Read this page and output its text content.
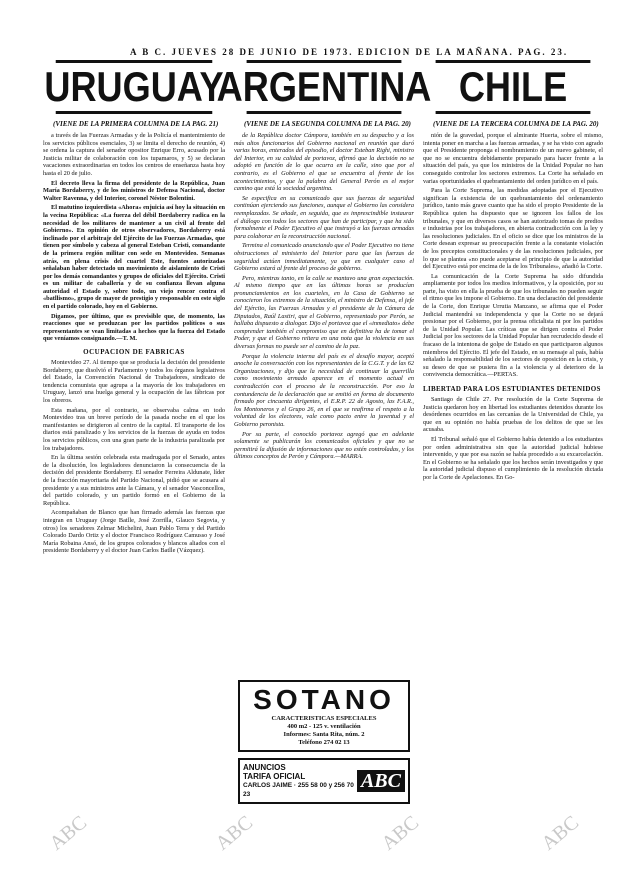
A B C. JUEVES 28 DE JUNIO DE 1973. EDICION DE LA MAÑANA. PAG. 23.
URUGUAY
(VIENE DE LA PRIMERA COLUMNA DE LA PAG. 21)

a través de las Fuerzas Armadas y de la Policía el mantenimiento de los servicios públicos esenciales, 3) se limita el derecho de reunión, 4) se ordena la captura del senador opositor Enrique Erro, acusado por la Justicia militar de colaboración con los tupamaros, y 5) se declaran vacaciones extraordinarias en todos los centros de enseñanza hasta hoy hasta el 20 de julio.

El decreto lleva la firma del presidente de la República, Juan María Bordaberry, y de los ministros de Defensa Nacional, doctor Walter Ravenna, y del Interior, coronel Néstor Bolentini.

El matutino izquierdista «Ahora» enjuicia así hoy la situación en la vecina República: «La fuerza del débil Bordaberry radica en la necesidad de los militares de mantener a un civil al frente del Gobierno». En opinión de otros observadores, Bordaberry está inclinado por el arbitraje del Ejército de las Fuerzas Armadas, que tienen por símbolo y cabeza al general Esteban Cristi, comandante de la primera región militar con sede en Montevideo. Semanas atrás, en plena crisis del cuartel Este, fuentes autorizadas señalaban haber detectado un movimiento de aislamiento de Cristi por los demás comandantes y grupos de oficiales del Ejército. Cristi es un militar de caballería y de su confianza llevan alguna autoridad el Estado y, sobre todo, un viejo rencor contra el «batllismo», grupo de mayor de prestigio y responsable en este siglo en el partido colorado, hoy en el Gobierno.

Digamos, por último, que es previsible que, de momento, las reacciones que se produzcan por los partidos políticos o sus representantes se vean limitadas a hechos que la fuerza del Estado que veníamos consignando.—T. M.

OCUPACION DE FABRICAS

Montevideo 27. Al tiempo que se producía la decisión del presidente Bordaberry, que disolvió el Parlamento y todos los órganos legislativos del Estado, la Convención Nacional de Trabajadores, sindicato de tendencia comunista que agrupa a la mayoría de los trabajadores en Uruguay, lanzó una huelga general y la ocupación de las fábricas por los obreros.

Esta mañana, por el contrario, se observaba calma en todo Montevideo tras un breve período de la pasada noche en el que los manifestantes se dirigieron al centro de la capital. El transporte de los diarios está paralizado y los servicios de la fuerzas de ayuda en todos los servicios públicos, con una gran parte de la industria paralizada por los trabajadores.

En la última sesión celebrada esta madrugada por el Senado, antes de la disolución, los legisladores denunciaron la consecuencia de la decisión del presidente Bordaberry. El senador Ferreira Aldunate, líder de la fracción mayoritaria del Partido Nacional, pidió que se acusara al presidente y a sus ministros ante la Cámara, y el senador Vasconcellos, del partido colorado, y un partido formó en el Gobierno de la República.

Acompañaban de Blanco que han firmado además las fuerzas que integran en Uruguay (Jorge Batlle, José Zorrilla, Glauco Segovia, y otros) los senadores Zelmar Michelini, Juan Pablo Terra y del Partido Colorado Dardo Ortiz y el doctor Francisco Rodríguez Camusso y José María Robaina Ansó, de los grupos colorados y blancos aliados con el presidente Bordaberry y el doctor Juan Carlos Batlle (Vázquez).

ARGENTINA
(VIENE DE LA SEGUNDA COLUMNA DE LA PAG. 20)

de la República doctor Cámpora, también en su despacho y a los más altos funcionarios del Gobierno nacional en reunión que duró varias horas, enterados del episodio, el doctor Esteban Righi, ministro del Interior, en su calidad de portavoz, afirmó que la decisión no se adoptó en función de lo que ocurra en la calle, sino que por el contrario, es el Gobierno el que se encuentra al frente de los acontecimientos, y que la palabra del General Perón es el mejor camino que está la sociedad argentina.

Se especifica en su comunicado que sus fuerzas de seguridad continúan ejerciendo sus funciones, aunque el Gobierno las considera reemplazadas. Se añade, en seguida, que es imprescindible instaurar el diálogo con todos los sectores que han de participar, y que ha sido formalmente el Poder Ejecutivo el que instruyó a las fuerzas armadas para colaborar en la reconstrucción nacional.

Termina el comunicado anunciando que el Poder Ejecutivo no tiene obstrucciones al ministerio del Interior para que las fuerzas de seguridad actúen inmediatamente, ya que en cualquier caso el Gobierno estará al frente del proceso de gobierno.

Pero, mientras tanto, en la calle se mantuvo una gran expectación. Al mismo tiempo que en las últimas horas se producían pronunciamientos en los cuarteles, en la Casa de Gobierno se conocieron los extremos de la situación, el ministro de Defensa, el jefe del Ejército, las Fuerzas Armadas y el presidente de la Cámara de Diputados, Raúl Lastiri, que el Gobierno, representado por Perón, se hallaba dispuesto a dialogar. Dijo el portavoz que el «inmediato» debe comprender también el compromiso que en definitiva ha de tomar el Poder, y que el Gobierno reitera en una nota que la violencia en sus diversas formas no puede ser el camino de la paz.

Porque la violencia interna del país es el desafío mayor, aceptó anoche la conversación con los representantes de la C.G.T. y de las 62 Organizaciones, y dijo que la necesidad de continuar la guerrilla como movimiento armado aparece en el momento actual en contradicción con el proceso de la reconstrucción. Por eso la contundencia de la declaración que se emitió en forma de documento firmado por cincuenta dirigentes, el E.R.P. 22 de Agosto, las F.A.R., los Montoneros y el Grupo 26, en el que se reafirma el respeto a la voluntad de los electores, vale como pacto entre la juventud y el Gobierno peronista.

Por su parte, el conocido portavoz agregó que en adelante solamente se publicarán los comunicados oficiales y que no se permitirá la difusión de informaciones que no estén controladas, y los últimos conceptos de Perón y Cámpora.—MARRA.

SOTANO
CARACTERISTICAS ESPECIALES
400 m2 - 125 v. ventilación
Informes: Santa Rita, núm. 2
Teléfono 274 02 13
ANUNCIOS
TARIFA OFICIAL
CARLOS JAIME · 255 58 00 y 256 70 23
ABC
CHILE
(VIENE DE LA TERCERA COLUMNA DE LA PAG. 20)

nión de la gravedad, porque el almirante Huerta, sobre el mismo, intenta poner en marcha a las fuerzas armadas, y se ha visto con agrado que el Presidente proponga el nombramiento de un nuevo gabinete, el que no se encuentra debidamente preparado para hacer frente a la situación del país, ya que los ministros de la Unidad Popular no han conseguido controlar los sectores extremos. La Corte ha señalado en varias oportunidades el quebrantamiento del orden jurídico en el país.

Para la Corte Suprema, las medidas adoptadas por el Ejecutivo significan la existencia de un quebrantamiento del ordenamiento jurídico, tanto más grave cuanto que ha sido el propio Presidente de la República quien ha dispuesto que se ignoren los fallos de los tribunales, y que en diversos casos se han autorizado tomas de predios e industrias por los trabajadores, en abierta contradicción con la ley y las resoluciones judiciales. En el oficio se dice que los ministros de la Corte desean expresar su preocupación frente a la constante violación de los preceptos constitucionales y de las resoluciones judiciales, por lo que se plantea «no puede aceptarse el principio de que la autoridad del Ejecutivo está por encima de la de los Tribunales», añadió la Corte.

La comunicación de la Corte Suprema ha sido difundida ampliamente por todos los medios informativos, y la oposición, por su parte, ha visto en ella la prueba de que los tribunales no pueden seguir el ritmo que les impone el Gobierno. En una declaración del presidente de la Corte, don Enrique Urrutia Manzano, se afirma que el Poder Judicial mantendrá su independencia y que la Corte no se dejará presionar por el Gobierno, por la prensa oficialista ni por los partidos de la Unidad Popular. Las críticas que se dirigen contra el Poder Judicial por los sectores de la Unidad Popular han recrudecido desde el fracaso de la intentona de golpe de Estado en que participaron algunos miembros del Ejército. El jefe del Estado, en su mensaje al país, había señalado la responsabilidad de los sectores de oposición en la crisis, y su deseo de que se pusiera fin a la violencia y al deterioro de la convivencia democrática.—PERTAS.

LIBERTAD PARA LOS ESTUDIANTES DETENIDOS

Santiago de Chile 27. Por resolución de la Corte Suprema de Justicia quedaron hoy en libertad los estudiantes detenidos durante los desórdenes ocurridos en las cercanías de la Universidad de Chile, ya que en su opinión no había pruebas de los delitos de que se les acusaba.

El Tribunal señaló que el Gobierno había detenido a los estudiantes por orden administrativa sin que la autoridad judicial hubiese intervenido, y que por esa razón se había procedido a su excarcelación. En el Gobierno se ha señalado que los hechos serán investigados y que la autoridad judicial dispuso el cumplimiento de la resolución dictada por la Corte de Apelaciones. En Go-

ABC	ABC	ABC	ABC
